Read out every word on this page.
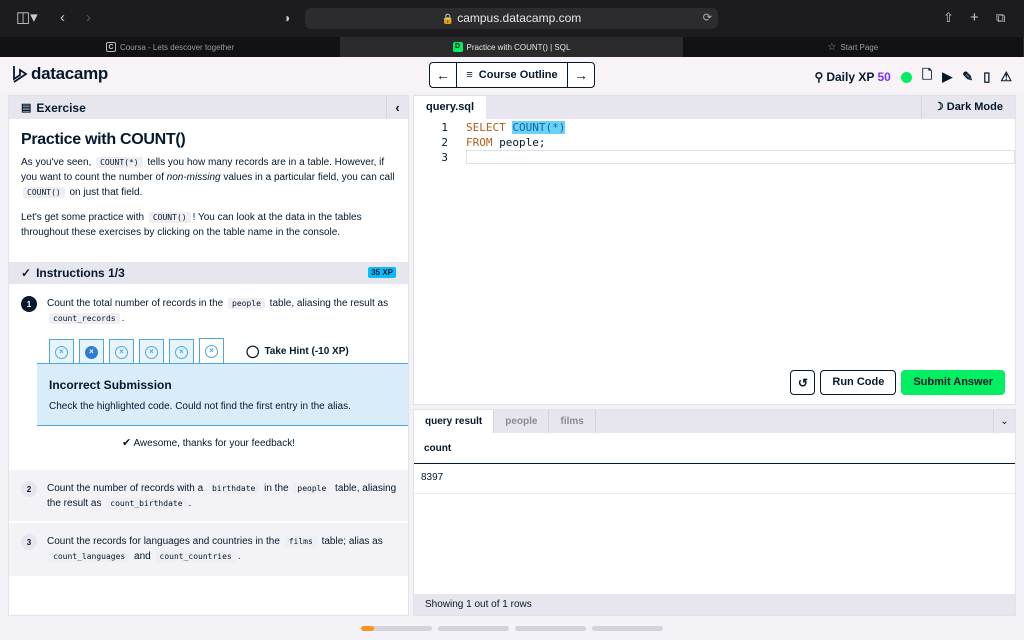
◫▾ ‹ ›	◑	🔒 campus.datacamp.com	⟳	⇧ + ⧉
C Coursa - Lets descover together	D Practice with COUNT() | SQL	☆ Start Page
datacamp	←	≡ Course Outline	→	⚲ Daily XP 50 🗋 ▶ ✎ ▯ ⚠
▤ Exercise	‹
Practice with COUNT()
As you've seen, COUNT(*) tells you how many records are in a table. However, if you want to count the number of non-missing values in a particular field, you can call COUNT() on just that field.
Let's get some practice with COUNT() ! You can look at the data in the tables throughout these exercises by clicking on the table name in the console.
✓ Instructions 1/3	35 XP
1	Count the total number of records in the people table, aliasing the result as count_records .
×	×	×	×	×	×	◯ Take Hint (-10 XP)
Incorrect Submission
Check the highlighted code. Could not find the first entry in the alias.
✔ Awesome, thanks for your feedback!
2	Count the number of records with a birthdate in the people table, aliasing the result as count_birthdate .
3	Count the records for languages and countries in the films table; alias as count_languages and count_countries .
query.sql	☽ Dark Mode
1 SELECT COUNT(*)
2 FROM people;
3
↺	Run Code	Submit Answer
query result	people	films	⌄
count
8397
Showing 1 out of 1 rows
